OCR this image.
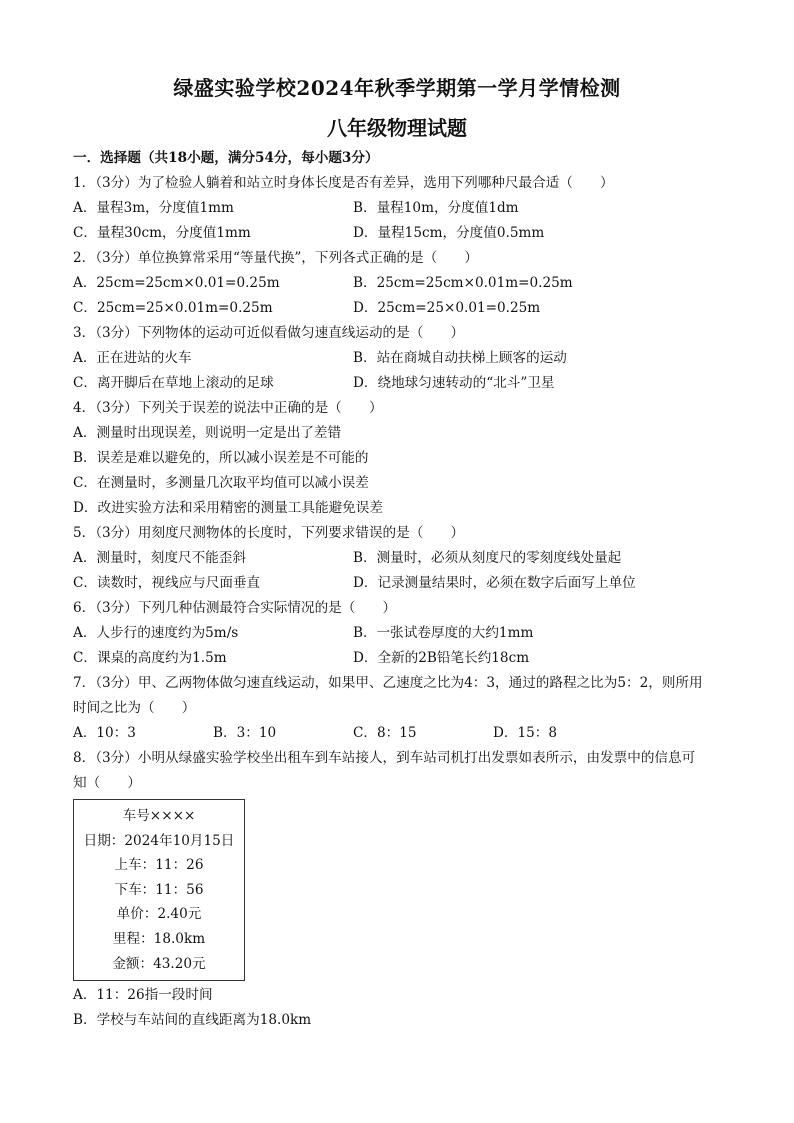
绿盛实验学校2024年秋季学期第一学月学情检测
八年级物理试题
一．选择题（共18小题，满分54分，每小题3分）
1．（3分）为了检验人躺着和站立时身体长度是否有差异，选用下列哪种尺最合适（　　）
A．量程3m，分度值1mm	B．量程10m，分度值1dm
C．量程30cm，分度值1mm	D．量程15cm，分度值0.5mm
2．（3分）单位换算常采用“等量代换”，下列各式正确的是（　　）
A．25cm=25cm×0.01=0.25m	B．25cm=25cm×0.01m=0.25m
C．25cm=25×0.01m=0.25m	D．25cm=25×0.01=0.25m
3．（3分）下列物体的运动可近似看做匀速直线运动的是（　　）
A．正在进站的火车	B．站在商城自动扶梯上顾客的运动
C．离开脚后在草地上滚动的足球	D．绕地球匀速转动的“北斗”卫星
4．（3分）下列关于误差的说法中正确的是（　　）
A．测量时出现误差，则说明一定是出了差错
B．误差是难以避免的，所以减小误差是不可能的
C．在测量时，多测量几次取平均值可以减小误差
D．改进实验方法和采用精密的测量工具能避免误差
5．（3分）用刻度尺测物体的长度时，下列要求错误的是（　　）
A．测量时，刻度尺不能歪斜	B．测量时，必须从刻度尺的零刻度线处量起
C．读数时，视线应与尺面垂直	D．记录测量结果时，必须在数字后面写上单位
6．（3分）下列几种估测最符合实际情况的是（　　）
A．人步行的速度约为5m/s	B．一张试卷厚度的大约1mm
C．课桌的高度约为1.5m	D．全新的2B铅笔长约18cm
7．（3分）甲、乙两物体做匀速直线运动，如果甲、乙速度之比为4：3，通过的路程之比为5：2，则所用
时间之比为（　　）
A．10：3	B．3：10	C．8：15	D．15：8
8．（3分）小明从绿盛实验学校坐出租车到车站接人，到车站司机打出发票如表所示，由发票中的信息可
知（　　）
车号××××
日期：2024年10月15日
上车：11：26
下车：11：56
单价：2.40元
里程：18.0km
金额：43.20元
A．11：26指一段时间
B．学校与车站间的直线距离为18.0km
